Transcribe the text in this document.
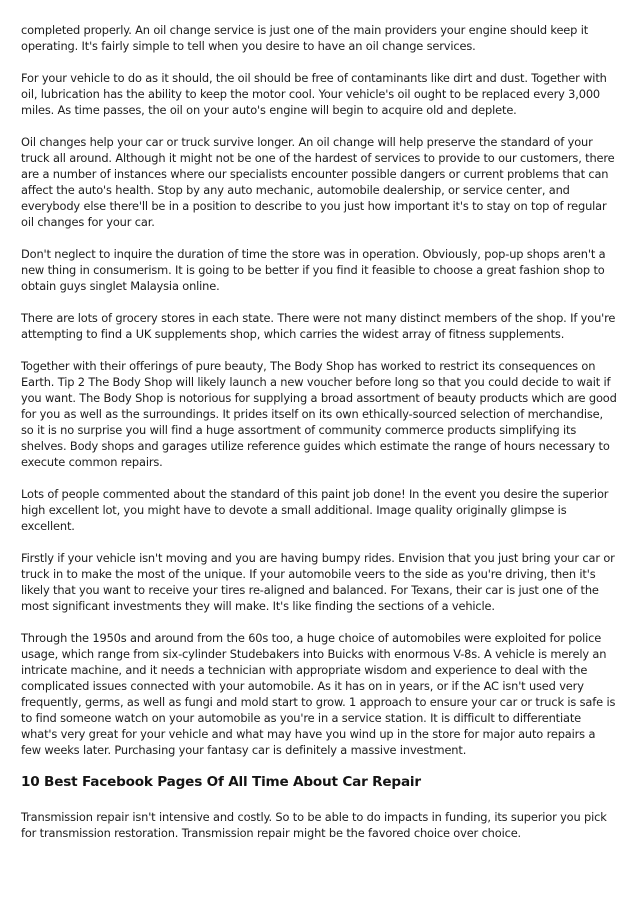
completed properly. An oil change service is just one of the main providers your engine should keep it operating. It's fairly simple to tell when you desire to have an oil change services.

For your vehicle to do as it should, the oil should be free of contaminants like dirt and dust. Together with oil, lubrication has the ability to keep the motor cool. Your vehicle's oil ought to be replaced every 3,000 miles. As time passes, the oil on your auto's engine will begin to acquire old and deplete.

Oil changes help your car or truck survive longer. An oil change will help preserve the standard of your truck all around. Although it might not be one of the hardest of services to provide to our customers, there are a number of instances where our specialists encounter possible dangers or current problems that can affect the auto's health. Stop by any auto mechanic, automobile dealership, or service center, and everybody else there'll be in a position to describe to you just how important it's to stay on top of regular oil changes for your car.

Don't neglect to inquire the duration of time the store was in operation. Obviously, pop-up shops aren't a new thing in consumerism. It is going to be better if you find it feasible to choose a great fashion shop to obtain guys singlet Malaysia online.

There are lots of grocery stores in each state. There were not many distinct members of the shop. If you're attempting to find a UK supplements shop, which carries the widest array of fitness supplements.

Together with their offerings of pure beauty, The Body Shop has worked to restrict its consequences on Earth. Tip 2 The Body Shop will likely launch a new voucher before long so that you could decide to wait if you want. The Body Shop is notorious for supplying a broad assortment of beauty products which are good for you as well as the surroundings. It prides itself on its own ethically-sourced selection of merchandise, so it is no surprise you will find a huge assortment of community commerce products simplifying its shelves. Body shops and garages utilize reference guides which estimate the range of hours necessary to execute common repairs.

Lots of people commented about the standard of this paint job done! In the event you desire the superior high excellent lot, you might have to devote a small additional. Image quality originally glimpse is excellent.

Firstly if your vehicle isn't moving and you are having bumpy rides. Envision that you just bring your car or truck in to make the most of the unique. If your automobile veers to the side as you're driving, then it's likely that you want to receive your tires re-aligned and balanced. For Texans, their car is just one of the most significant investments they will make. It's like finding the sections of a vehicle.

Through the 1950s and around from the 60s too, a huge choice of automobiles were exploited for police usage, which range from six-cylinder Studebakers into Buicks with enormous V-8s. A vehicle is merely an intricate machine, and it needs a technician with appropriate wisdom and experience to deal with the complicated issues connected with your automobile. As it has on in years, or if the AC isn't used very frequently, germs, as well as fungi and mold start to grow. 1 approach to ensure your car or truck is safe is to find someone watch on your automobile as you're in a service station. It is difficult to differentiate what's very great for your vehicle and what may have you wind up in the store for major auto repairs a few weeks later. Purchasing your fantasy car is definitely a massive investment.

10 Best Facebook Pages Of All Time About Car Repair

Transmission repair isn't intensive and costly. So to be able to do impacts in funding, its superior you pick for transmission restoration. Transmission repair might be the favored choice over choice.
